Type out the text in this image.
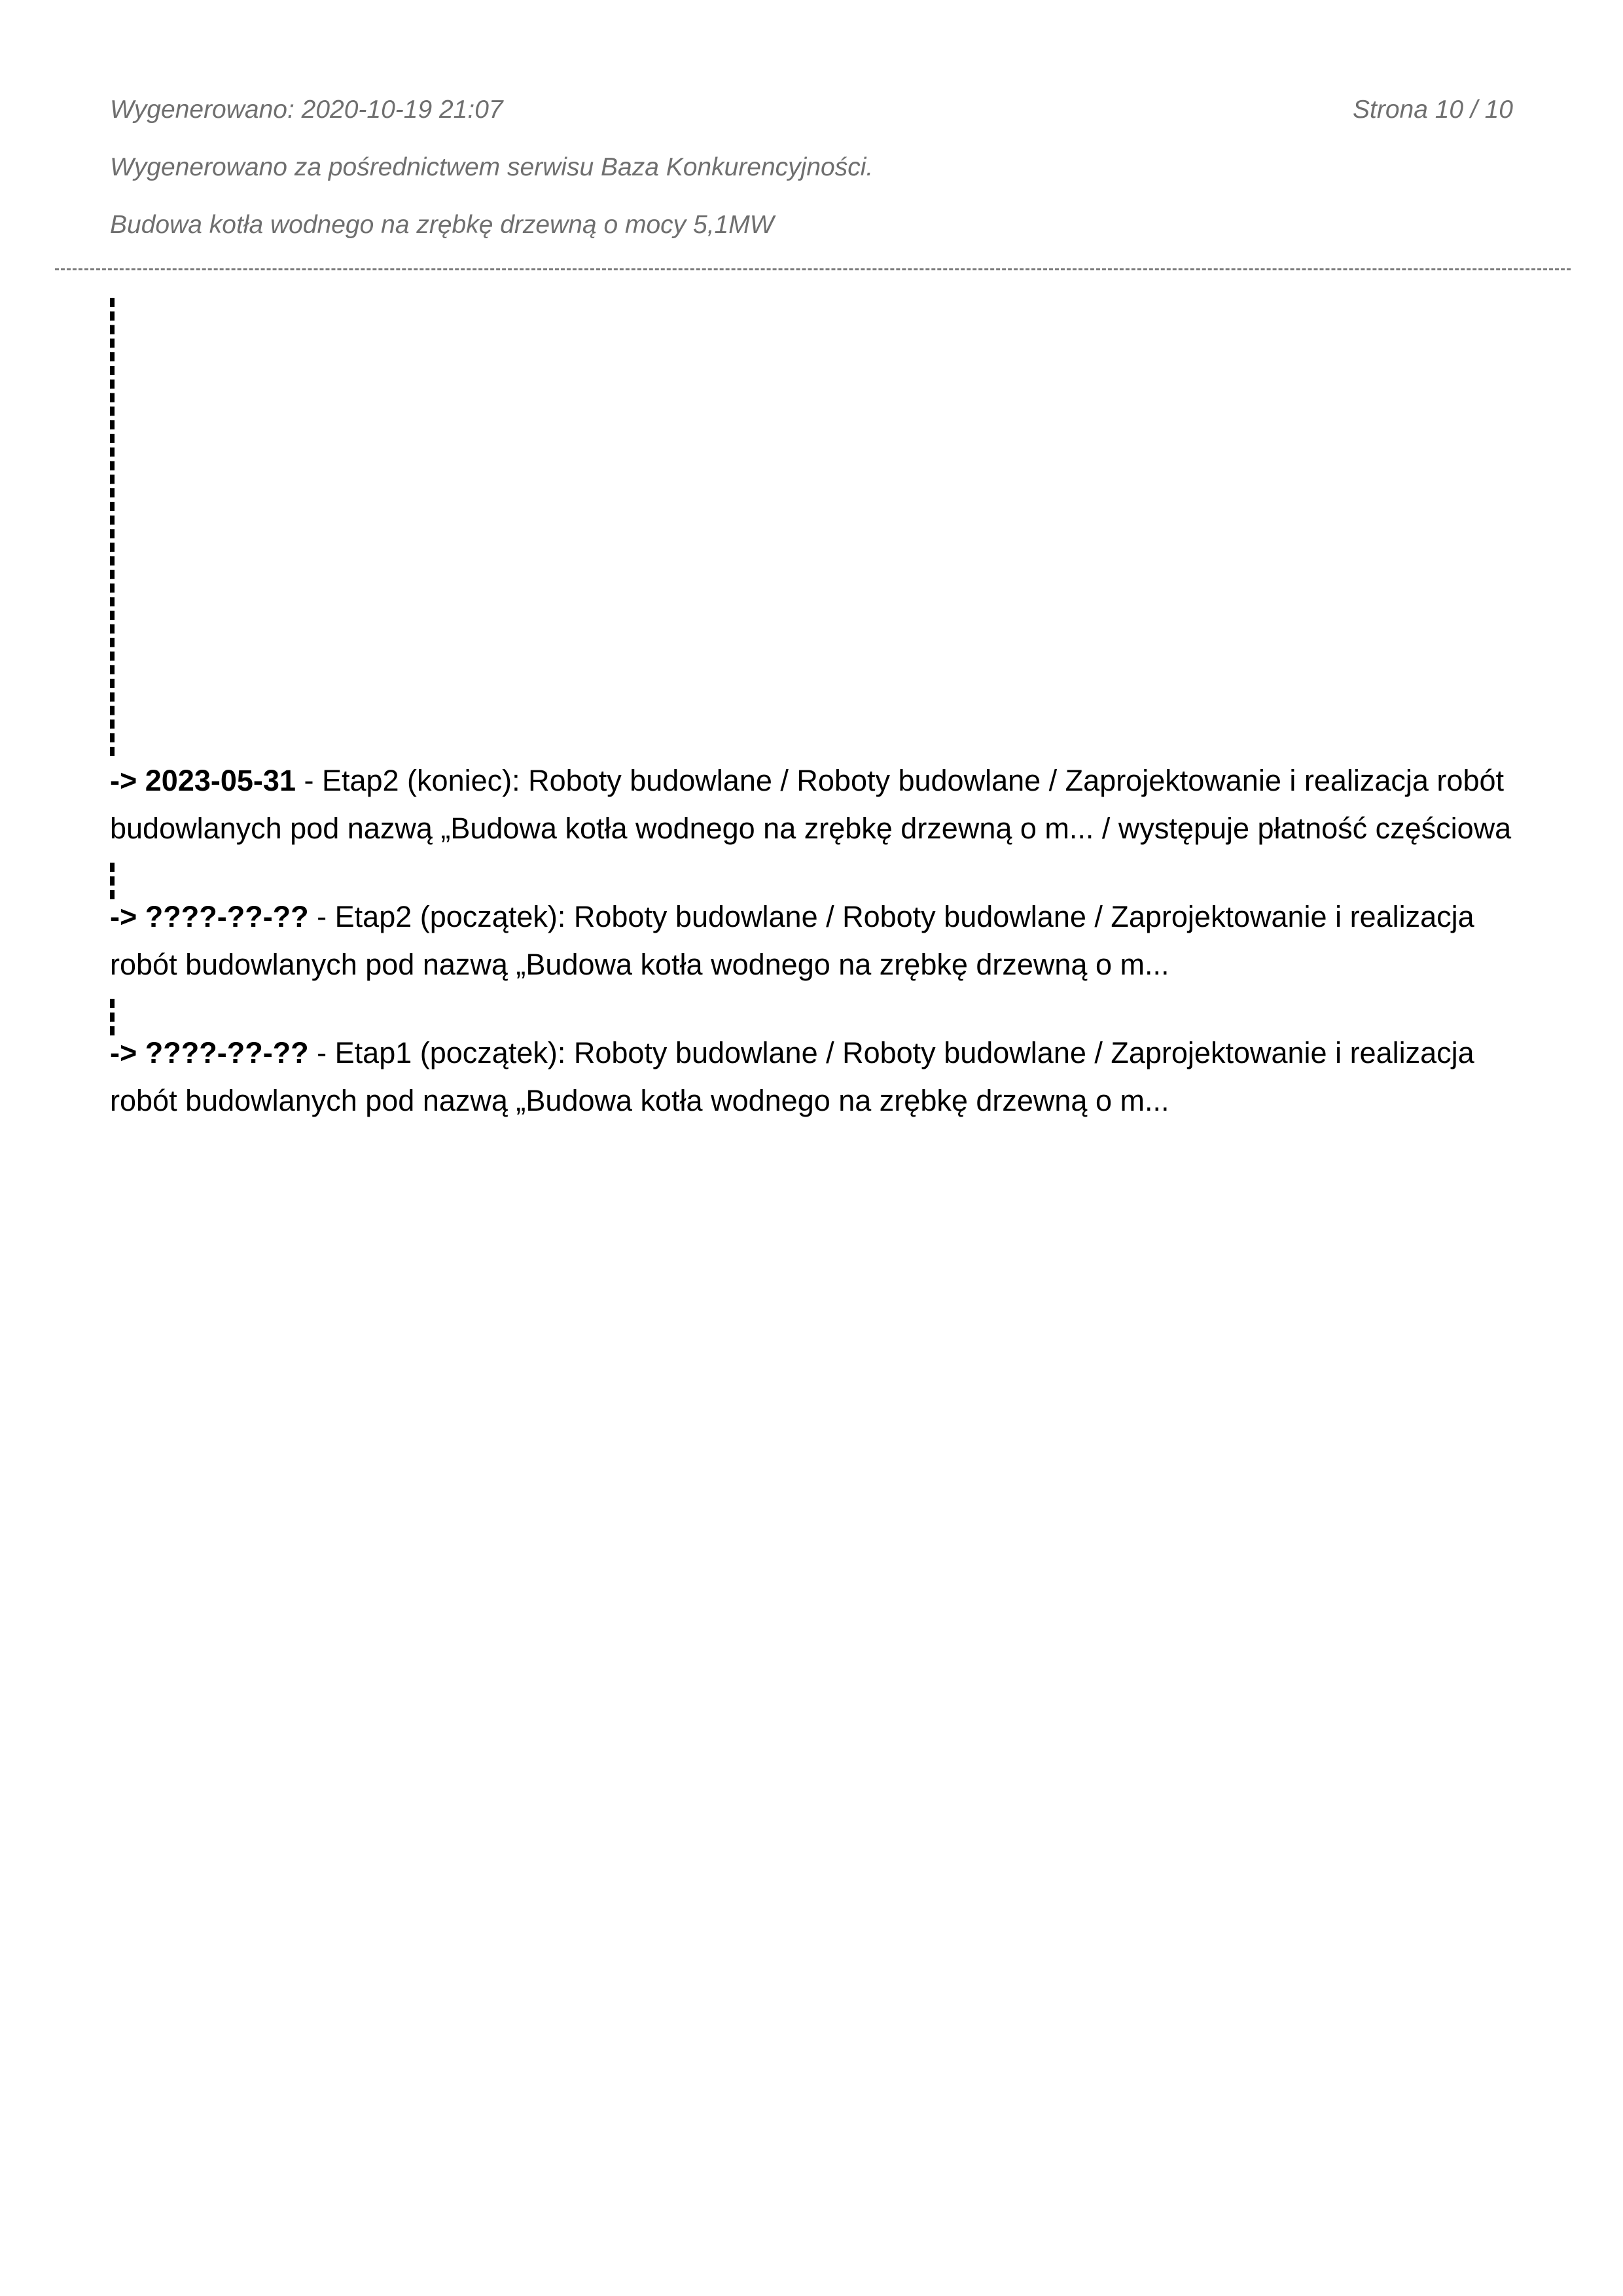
Wygenerowano: 2020-10-19 21:07	Strona 10 / 10
Wygenerowano za pośrednictwem serwisu Baza Konkurencyjności.
Budowa kotła wodnego na zrębkę drzewną o mocy 5,1MW
-> 2023-05-31 - Etap2 (koniec): Roboty budowlane / Roboty budowlane / Zaprojektowanie i realizacja robót budowlanych pod nazwą „Budowa kotła wodnego na zrębkę drzewną o m... / występuje płatność częściowa
-> ????-??-?? - Etap2 (początek): Roboty budowlane / Roboty budowlane / Zaprojektowanie i realizacja robót budowlanych pod nazwą „Budowa kotła wodnego na zrębkę drzewną o m...
-> ????-??-?? - Etap1 (początek): Roboty budowlane / Roboty budowlane / Zaprojektowanie i realizacja robót budowlanych pod nazwą „Budowa kotła wodnego na zrębkę drzewną o m...
